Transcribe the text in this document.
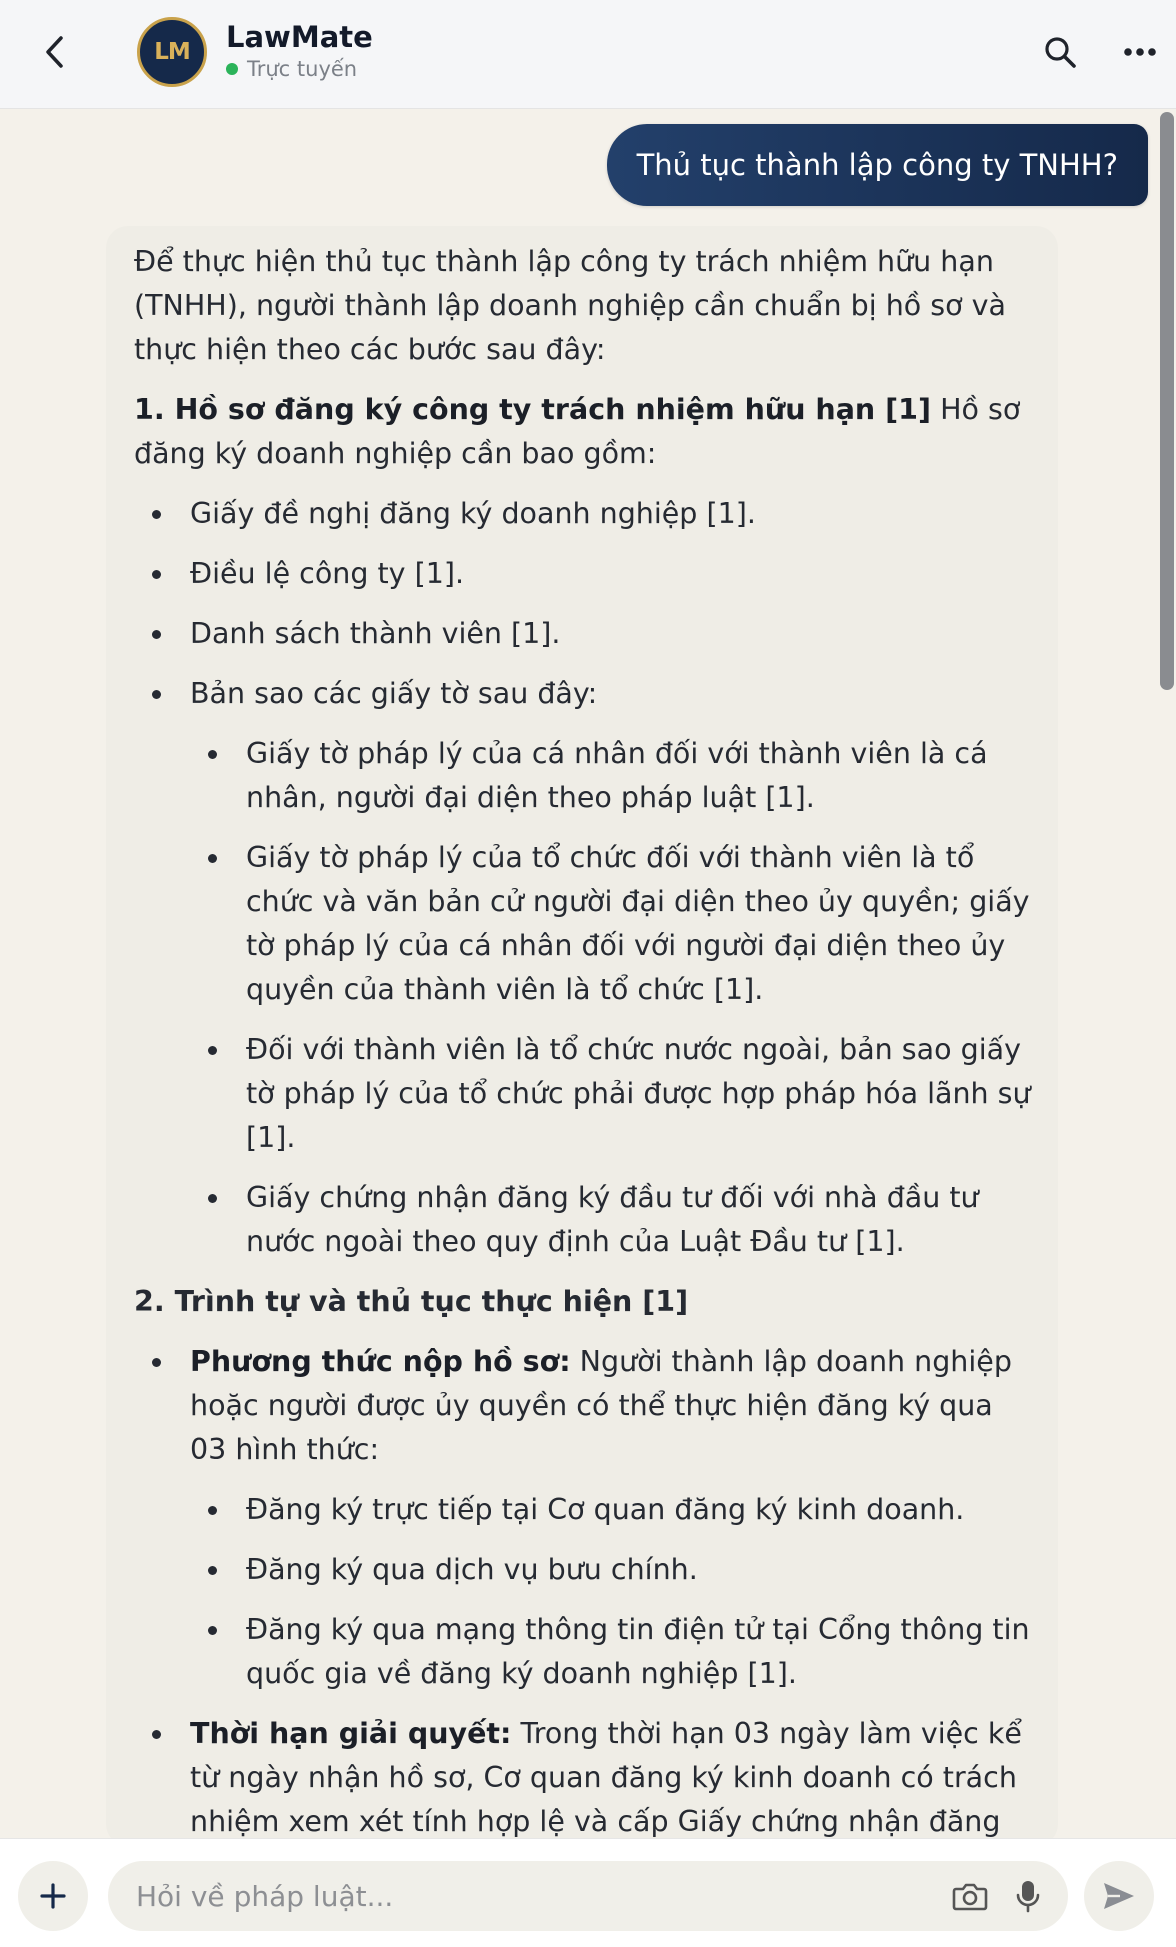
LM LawMate
Trực tuyến
Thủ tục thành lập công ty TNHH?

Để thực hiện thủ tục thành lập công ty trách nhiệm hữu hạn (TNHH), người thành lập doanh nghiệp cần chuẩn bị hồ sơ và thực hiện theo các bước sau đây:

1. Hồ sơ đăng ký công ty trách nhiệm hữu hạn [1] Hồ sơ đăng ký doanh nghiệp cần bao gồm:

Giấy đề nghị đăng ký doanh nghiệp [1].
Điều lệ công ty [1].
Danh sách thành viên [1].
Bản sao các giấy tờ sau đây:
Giấy tờ pháp lý của cá nhân đối với thành viên là cá nhân, người đại diện theo pháp luật [1].
Giấy tờ pháp lý của tổ chức đối với thành viên là tổ chức và văn bản cử người đại diện theo ủy quyền; giấy tờ pháp lý của cá nhân đối với người đại diện theo ủy quyền của thành viên là tổ chức [1].
Đối với thành viên là tổ chức nước ngoài, bản sao giấy tờ pháp lý của tổ chức phải được hợp pháp hóa lãnh sự [1].
Giấy chứng nhận đăng ký đầu tư đối với nhà đầu tư nước ngoài theo quy định của Luật Đầu tư [1].

2. Trình tự và thủ tục thực hiện [1]

Phương thức nộp hồ sơ: Người thành lập doanh nghiệp hoặc người được ủy quyền có thể thực hiện đăng ký qua 03 hình thức:
Đăng ký trực tiếp tại Cơ quan đăng ký kinh doanh.
Đăng ký qua dịch vụ bưu chính.
Đăng ký qua mạng thông tin điện tử tại Cổng thông tin quốc gia về đăng ký doanh nghiệp [1].
Thời hạn giải quyết: Trong thời hạn 03 ngày làm việc kể từ ngày nhận hồ sơ, Cơ quan đăng ký kinh doanh có trách nhiệm xem xét tính hợp lệ và cấp Giấy chứng nhận đăng
Hỏi về pháp luật...
